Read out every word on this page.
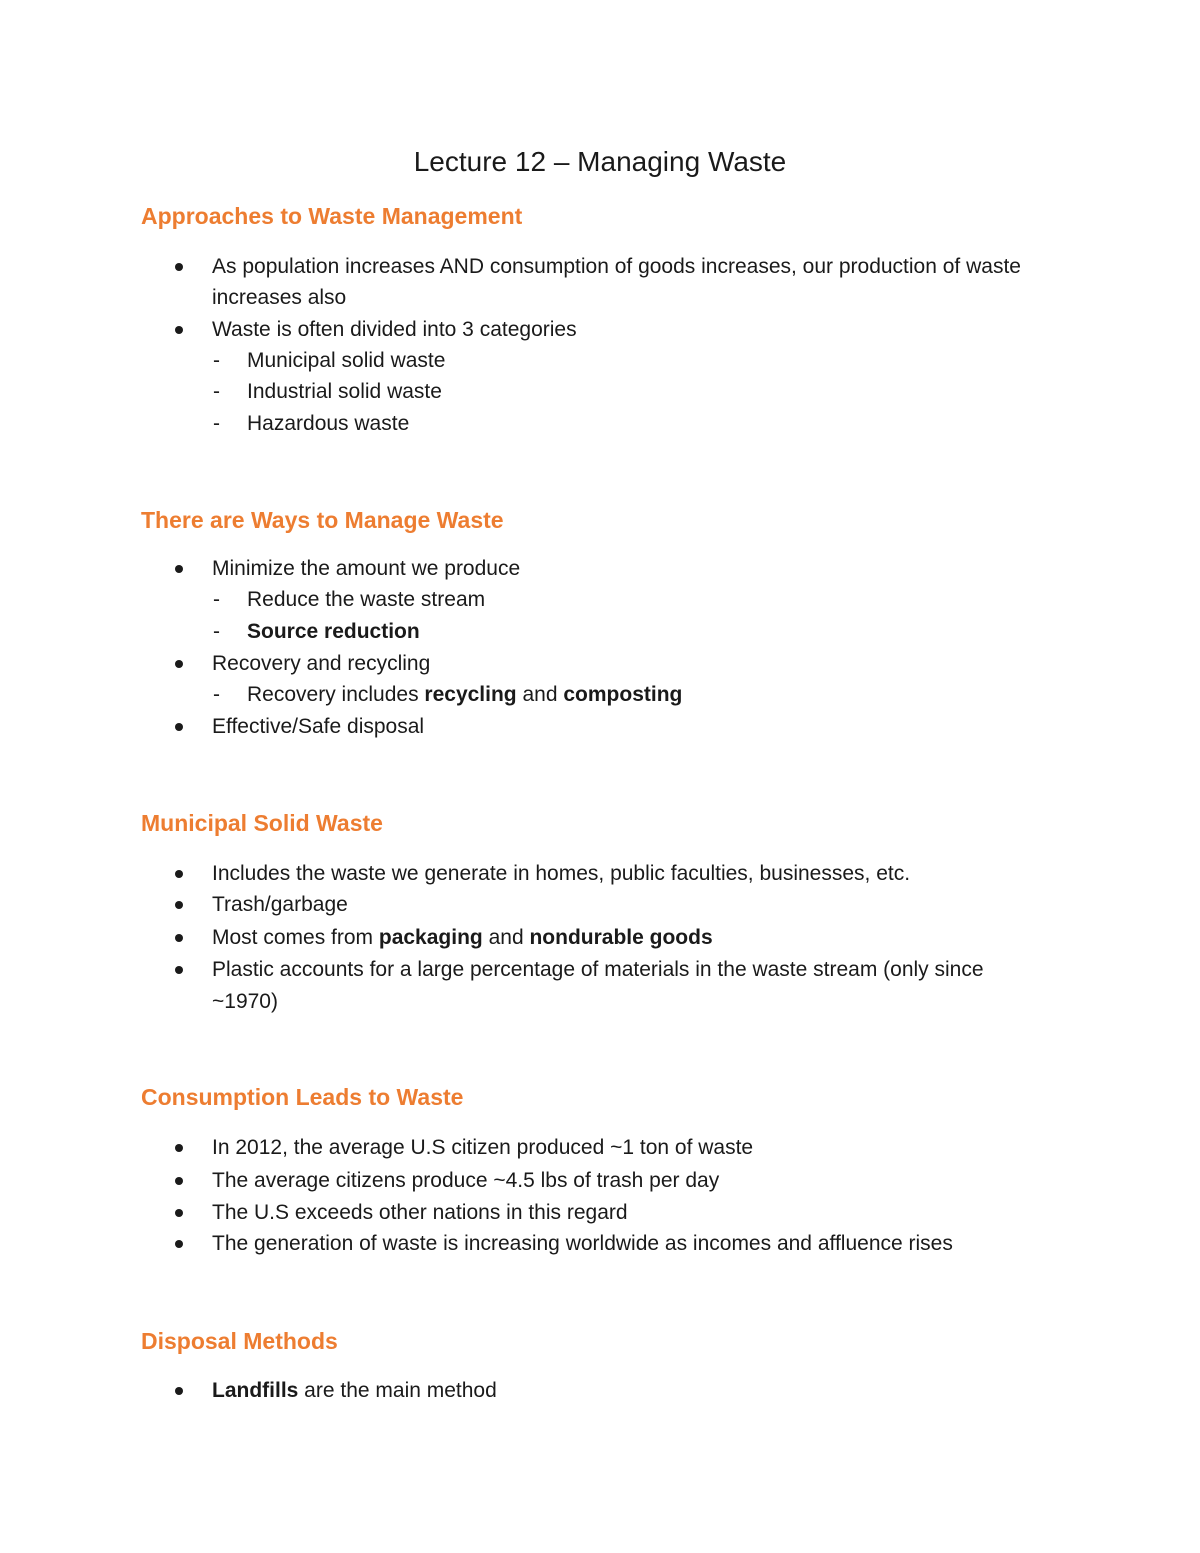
Lecture 12 – Managing Waste
Approaches to Waste Management
As population increases AND consumption of goods increases, our production of waste
increases also
Waste is often divided into 3 categories
- Municipal solid waste
- Industrial solid waste
- Hazardous waste
There are Ways to Manage Waste
Minimize the amount we produce
- Reduce the waste stream
- Source reduction
Recovery and recycling
- Recovery includes recycling and composting
Effective/Safe disposal
Municipal Solid Waste
Includes the waste we generate in homes, public faculties, businesses, etc.
Trash/garbage
Most comes from packaging and nondurable goods
Plastic accounts for a large percentage of materials in the waste stream (only since
~1970)
Consumption Leads to Waste
In 2012, the average U.S citizen produced ~1 ton of waste
The average citizens produce ~4.5 lbs of trash per day
The U.S exceeds other nations in this regard
The generation of waste is increasing worldwide as incomes and affluence rises
Disposal Methods
Landfills are the main method
